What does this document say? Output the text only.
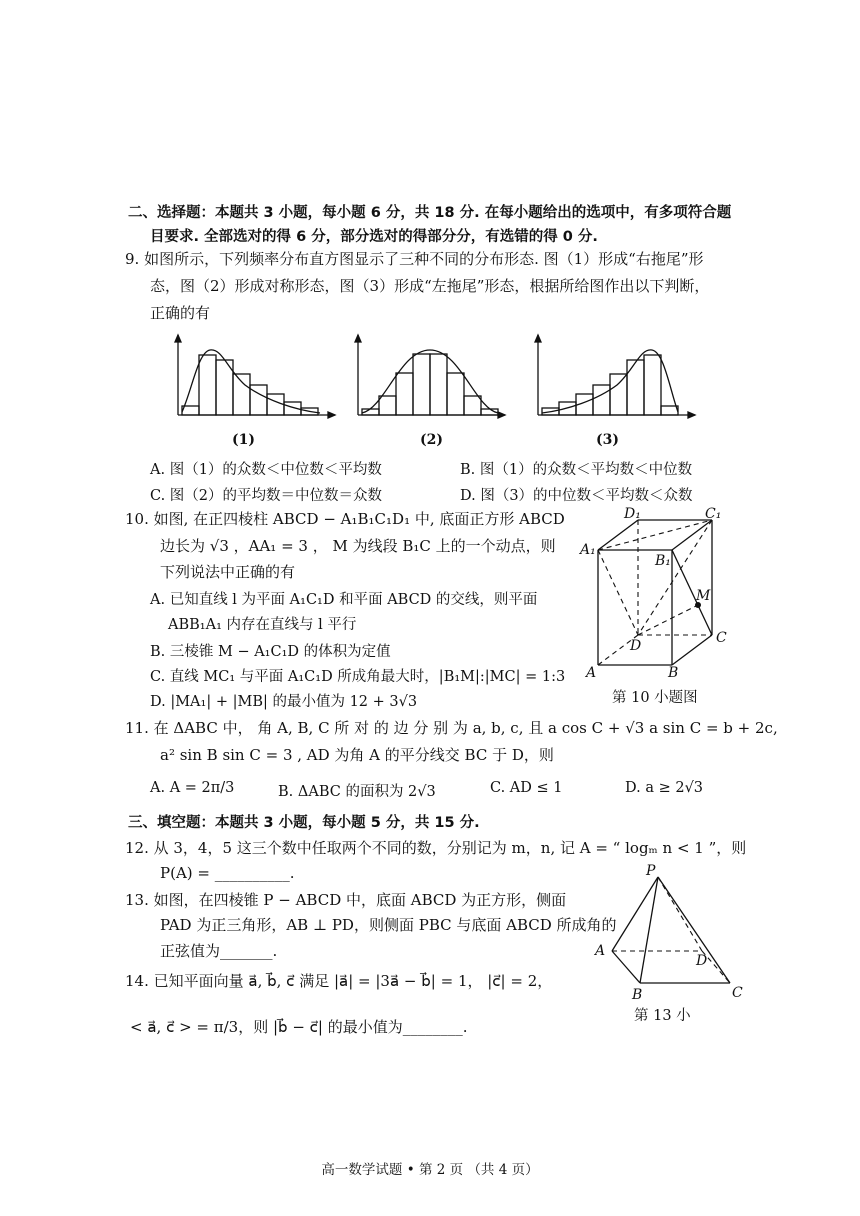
二、选择题：本题共 3 小题，每小题 6 分，共 18 分. 在每小题给出的选项中，有多项符合题
目要求. 全部选对的得 6 分，部分选对的得部分分，有选错的得 0 分.
9. 如图所示，下列频率分布直方图显示了三种不同的分布形态. 图（1）形成“右拖尾”形
态，图（2）形成对称形态，图（3）形成“左拖尾”形态，根据所给图作出以下判断，
正确的有
(1)	(2)	(3)
A. 图（1）的众数＜中位数＜平均数	B. 图（1）的众数＜平均数＜中位数
C. 图（2）的平均数＝中位数＝众数	D. 图（3）的中位数＜平均数＜众数
10. 如图, 在正四棱柱 ABCD − A₁B₁C₁D₁ 中, 底面正方形 ABCD
边长为 √3 ，AA₁ = 3 ， M 为线段 B₁C 上的一个动点，则
下列说法中正确的有
A. 已知直线 l 为平面 A₁C₁D 和平面 ABCD 的交线，则平面
ABB₁A₁ 内存在直线与 l 平行
B. 三棱锥 M − A₁C₁D 的体积为定值
C. 直线 MC₁ 与平面 A₁C₁D 所成角最大时，|B₁M|:|MC| = 1:3
D. |MA₁| + |MB| 的最小值为 12 + 3√3
D₁	C₁
A₁
B₁
M
D	C
A	B
第 10 小题图
11. 在 ΔABC 中， 角 A, B, C 所 对 的 边 分 别 为 a, b, c, 且 a cos C + √3 a sin C = b + 2c,
a² sin B sin C = 3 , AD 为角 A 的平分线交 BC 于 D，则
A. A = 2π/3	B. ΔABC 的面积为 2√3	C. AD ≤ 1	D. a ≥ 2√3
三、填空题：本题共 3 小题，每小题 5 分，共 15 分.
12. 从 3，4，5 这三个数中任取两个不同的数，分别记为 m，n, 记 A = “ logₘ n < 1 ”，则
P(A) = __________.
13. 如图，在四棱锥 P − ABCD 中，底面 ABCD 为正方形，侧面
PAD 为正三角形，AB ⊥ PD，则侧面 PBC 与底面 ABCD 所成角的
正弦值为_______.
P
A
D
B	C
第 13 小
14. 已知平面向量 a⃗, b⃗, c⃗ 满足 |a⃗| = |3a⃗ − b⃗| = 1， |c⃗| = 2，
< a⃗, c⃗ > = π/3，则 |b⃗ − c⃗| 的最小值为________.
高一数学试题 • 第 2 页 （共 4 页）
